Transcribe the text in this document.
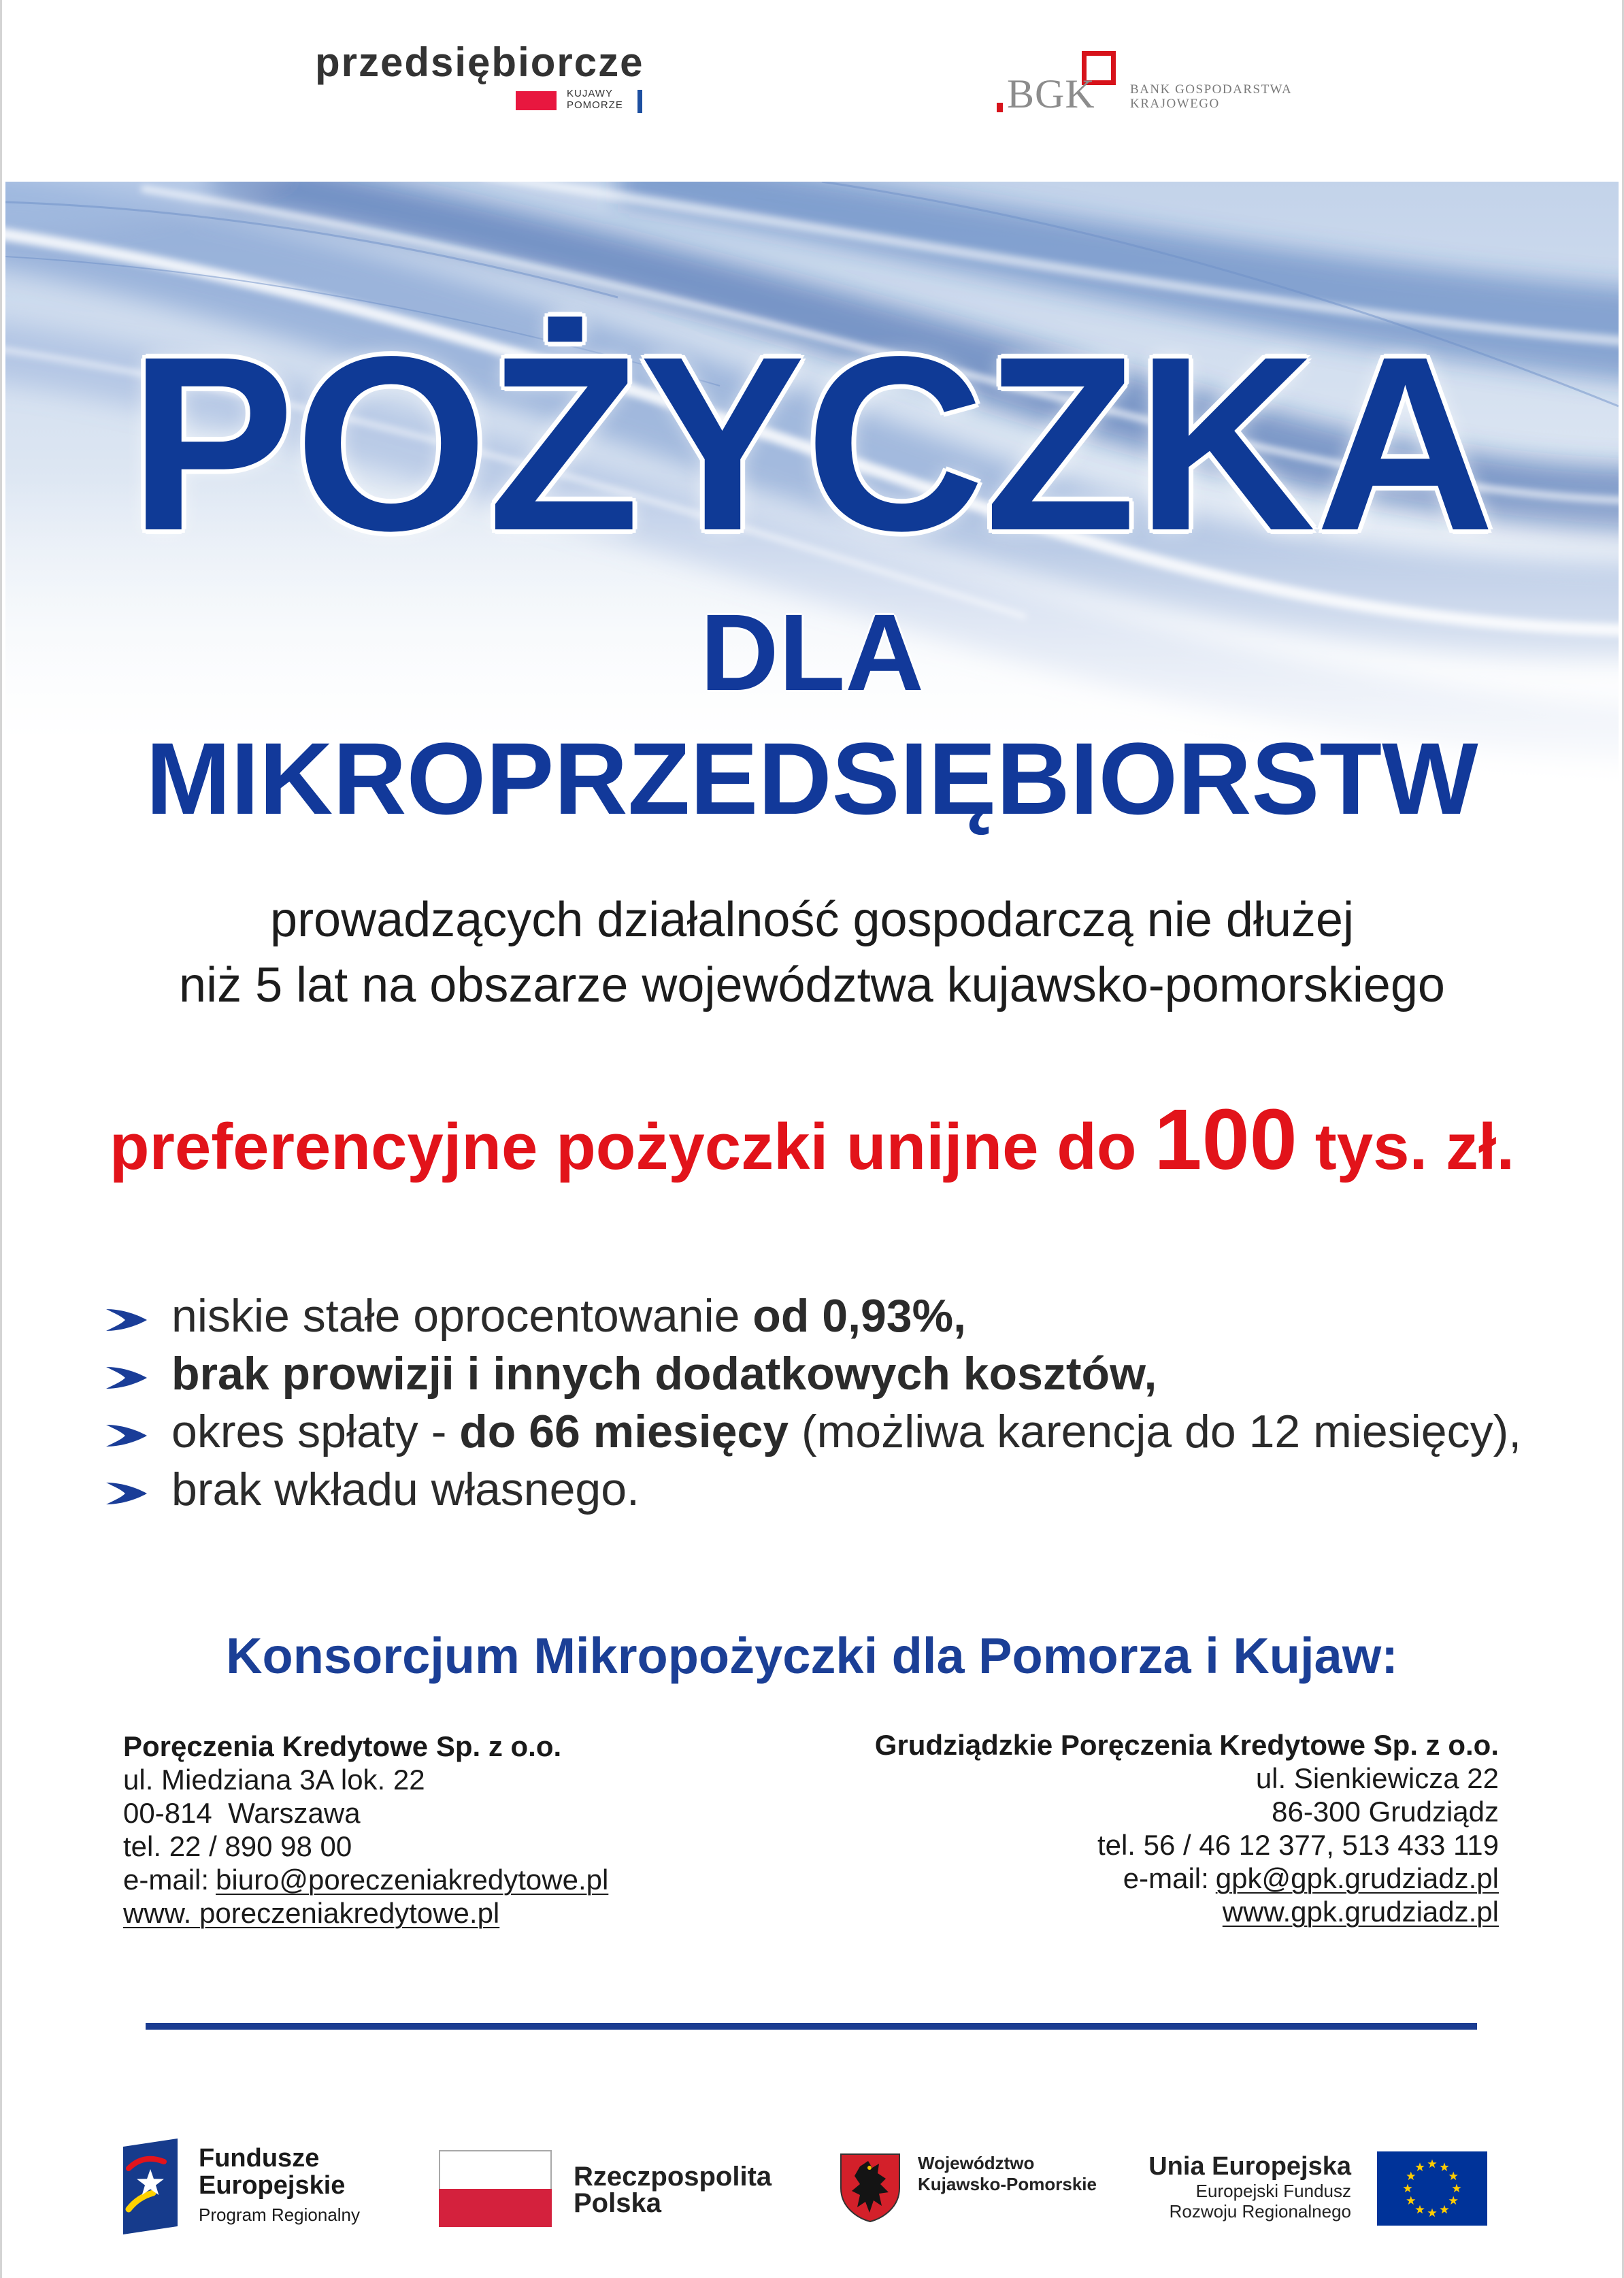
przedsiębiorcze
KUJAWY
POMORZE	BGK	BANK GOSPODARSTWA
KRAJOWEGO
POŻYCZKA
DLA
MIKROPRZEDSIĘBIORSTW
prowadzących działalność gospodarczą nie dłużej
niż 5 lat na obszarze województwa kujawsko-pomorskiego
preferencyjne pożyczki unijne do 100 tys. zł.
niskie stałe oprocentowanie od 0,93%,
brak prowizji i innych dodatkowych kosztów,
okres spłaty - do 66 miesięcy (możliwa karencja do 12 miesięcy),
brak wkładu własnego.
Konsorcjum Mikropożyczki dla Pomorza i Kujaw:
Poręczenia Kredytowe Sp. z o.o.
ul. Miedziana 3A lok. 22
00-814  Warszawa
tel. 22 / 890 98 00
e-mail: biuro@poreczeniakredytowe.pl
www. poreczeniakredytowe.pl
Grudziądzkie Poręczenia Kredytowe Sp. z o.o.
ul. Sienkiewicza 22
86-300 Grudziądz
tel. 56 / 46 12 377, 513 433 119
e-mail: gpk@gpk.grudziadz.pl
www.gpk.grudziadz.pl
Fundusze
Europejskie
Program Regionalny
Rzeczpospolita
Polska
Województwo
Kujawsko-Pomorskie
Unia Europejska
Europejski Fundusz
Rozwoju Regionalnego
